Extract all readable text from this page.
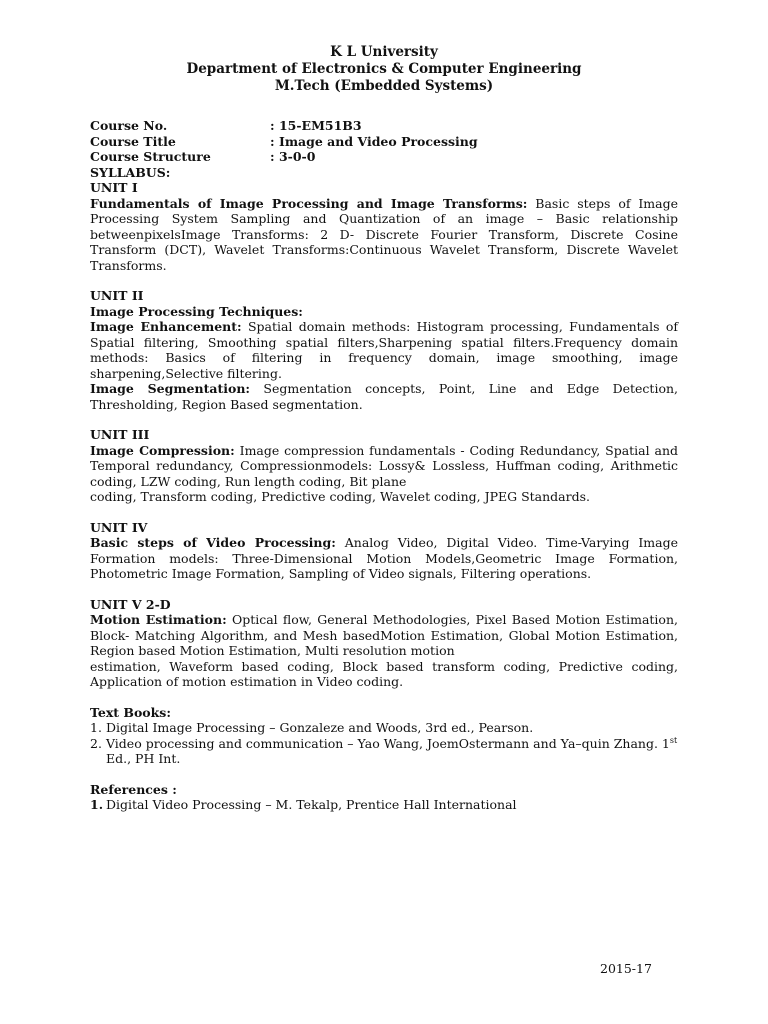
K L University
Department of Electronics & Computer Engineering
M.Tech (Embedded Systems)
Course No.	: 15-EM51B3
Course Title	: Image and Video Processing
Course Structure	: 3-0-0
SYLLABUS:
UNIT I
Fundamentals of Image Processing and Image Transforms: Basic steps of Image Processing System Sampling and Quantization of an image – Basic relationship betweenpixelsImage Transforms: 2 D- Discrete Fourier Transform, Discrete Cosine Transform (DCT), Wavelet Transforms:Continuous Wavelet Transform, Discrete Wavelet Transforms.
UNIT II
Image Processing Techniques:
Image Enhancement: Spatial domain methods: Histogram processing, Fundamentals of Spatial filtering, Smoothing spatial filters,Sharpening spatial filters.Frequency domain methods: Basics of filtering in frequency domain, image smoothing, image sharpening,Selective filtering.
Image Segmentation: Segmentation concepts, Point, Line and Edge Detection, Thresholding, Region Based segmentation.
UNIT III
Image Compression: Image compression fundamentals - Coding Redundancy, Spatial and Temporal redundancy, Compressionmodels: Lossy& Lossless, Huffman coding, Arithmetic coding, LZW coding, Run length coding, Bit plane
coding, Transform coding, Predictive coding, Wavelet coding, JPEG Standards.
UNIT IV
Basic steps of Video Processing: Analog Video, Digital Video. Time-Varying Image Formation models: Three-Dimensional Motion Models,Geometric Image Formation, Photometric Image Formation, Sampling of Video signals, Filtering operations.
UNIT V 2-D
Motion Estimation: Optical flow, General Methodologies, Pixel Based Motion Estimation, Block- Matching Algorithm, and Mesh basedMotion Estimation, Global Motion Estimation, Region based Motion Estimation, Multi resolution motion
estimation, Waveform based coding, Block based transform coding, Predictive coding, Application of motion estimation in Video coding.
Text Books:
1. Digital Image Processing – Gonzaleze and Woods, 3rd ed., Pearson.
2. Video processing and communication – Yao Wang, JoemOstermann and Ya–quin Zhang. 1st
Ed., PH Int.
References :
1. Digital Video Processing – M. Tekalp, Prentice Hall International
2015-17
